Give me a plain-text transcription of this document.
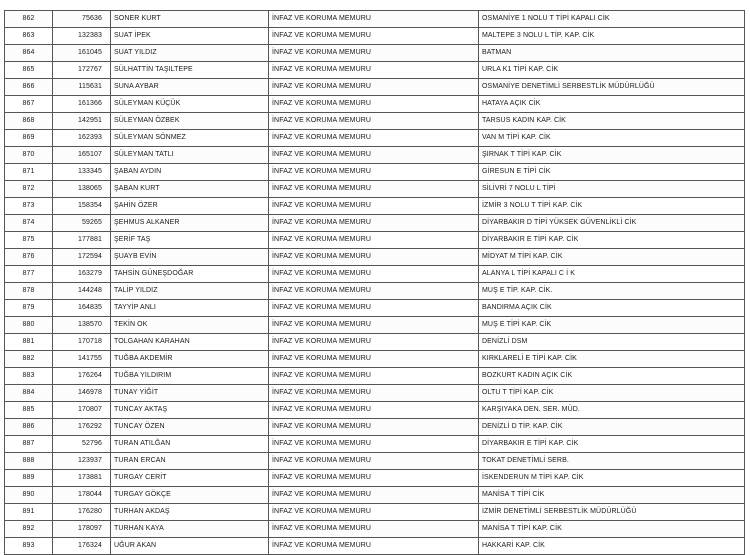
862	75636	SONER KURT	İNFAZ VE KORUMA MEMURU	OSMANİYE 1 NOLU T TİPİ KAPALI CİK
863	132383	SUAT İPEK	İNFAZ VE KORUMA MEMURU	MALTEPE 3 NOLU L TİP. KAP. CİK
864	161045	SUAT YILDIZ	İNFAZ VE KORUMA MEMURU	BATMAN
865	172767	SÜLHATTİN TAŞILTEPE	İNFAZ VE KORUMA MEMURU	URLA K1 TİPİ KAP. CİK
866	115631	SUNA AYBAR	İNFAZ VE KORUMA MEMURU	OSMANİYE DENETİMLİ SERBESTLİK MÜDÜRLÜĞÜ
867	161366	SÜLEYMAN KÜÇÜK	İNFAZ VE KORUMA MEMURU	HATAYA AÇIK CİK
868	142951	SÜLEYMAN ÖZBEK	İNFAZ VE KORUMA MEMURU	TARSUS KADIN KAP. CİK
869	162393	SÜLEYMAN SÖNMEZ	İNFAZ VE KORUMA MEMURU	VAN M TİPİ KAP. CİK
870	165107	SÜLEYMAN TATLI	İNFAZ VE KORUMA MEMURU	ŞIRNAK T TİPİ KAP. CİK
871	133345	ŞABAN AYDIN	İNFAZ VE KORUMA MEMURU	GİRESUN E TİPİ CİK
872	138065	ŞABAN KURT	İNFAZ VE KORUMA MEMURU	SİLİVRİ 7 NOLU L TİPİ
873	158354	ŞAHİN ÖZER	İNFAZ VE KORUMA MEMURU	İZMİR 3 NOLU T TİPİ KAP. CİK
874	59265	ŞEHMUS ALKANER	İNFAZ VE KORUMA MEMURU	DİYARBAKIR D TİPİ YÜKSEK GÜVENLİKLİ CİK
875	177881	ŞERİF TAŞ	İNFAZ VE KORUMA MEMURU	DİYARBAKIR E TİPİ KAP. CİK
876	172594	ŞUAYB EVİN	İNFAZ VE KORUMA MEMURU	MİDYAT M TİPİ KAP. CİK
877	163279	TAHSİN GÜNEŞDOĞAR	İNFAZ VE KORUMA MEMURU	ALANYA L TİPİ KAPALI C İ K
878	144248	TALİP YILDIZ	İNFAZ VE KORUMA MEMURU	MUŞ E TİP. KAP. CİK.
879	164835	TAYYİP ANLI	İNFAZ VE KORUMA MEMURU	BANDIRMA AÇIK CİK
880	138570	TEKİN OK	İNFAZ VE KORUMA MEMURU	MUŞ E TİPİ KAP. CİK
881	170718	TOLGAHAN KARAHAN	İNFAZ VE KORUMA MEMURU	DENİZLİ DSM
882	141755	TUĞBA AKDEMİR	İNFAZ VE KORUMA MEMURU	KIRKLARELİ E TİPİ KAP. CİK
883	176264	TUĞBA YILDIRIM	İNFAZ VE KORUMA MEMURU	BOZKURT KADIN AÇIK CİK
884	146978	TUNAY YİĞİT	İNFAZ VE KORUMA MEMURU	OLTU T TİPİ KAP. CİK
885	170807	TUNCAY AKTAŞ	İNFAZ VE KORUMA MEMURU	KARŞIYAKA DEN. SER. MÜD.
886	176292	TUNCAY ÖZEN	İNFAZ VE KORUMA MEMURU	DENİZLİ D TİP. KAP. CİK
887	52796	TURAN ATILĞAN	İNFAZ VE KORUMA MEMURU	DİYARBAKIR E TİPİ KAP. CİK
888	123937	TURAN ERCAN	İNFAZ VE KORUMA MEMURU	TOKAT DENETİMLİ SERB.
889	173881	TURGAY CERİT	İNFAZ VE KORUMA MEMURU	İSKENDERUN M TİPİ KAP. CİK
890	178044	TURGAY GÖKÇE	İNFAZ VE KORUMA MEMURU	MANİSA T TİPİ CİK
891	176280	TURHAN AKDAŞ	İNFAZ VE KORUMA MEMURU	İZMİR DENETİMLİ SERBESTLİK MÜDÜRLÜĞÜ
892	178097	TURHAN KAYA	İNFAZ VE KORUMA MEMURU	MANİSA T TİPİ KAP. CİK
893	176324	UĞUR AKAN	İNFAZ VE KORUMA MEMURU	HAKKARİ KAP. CİK
